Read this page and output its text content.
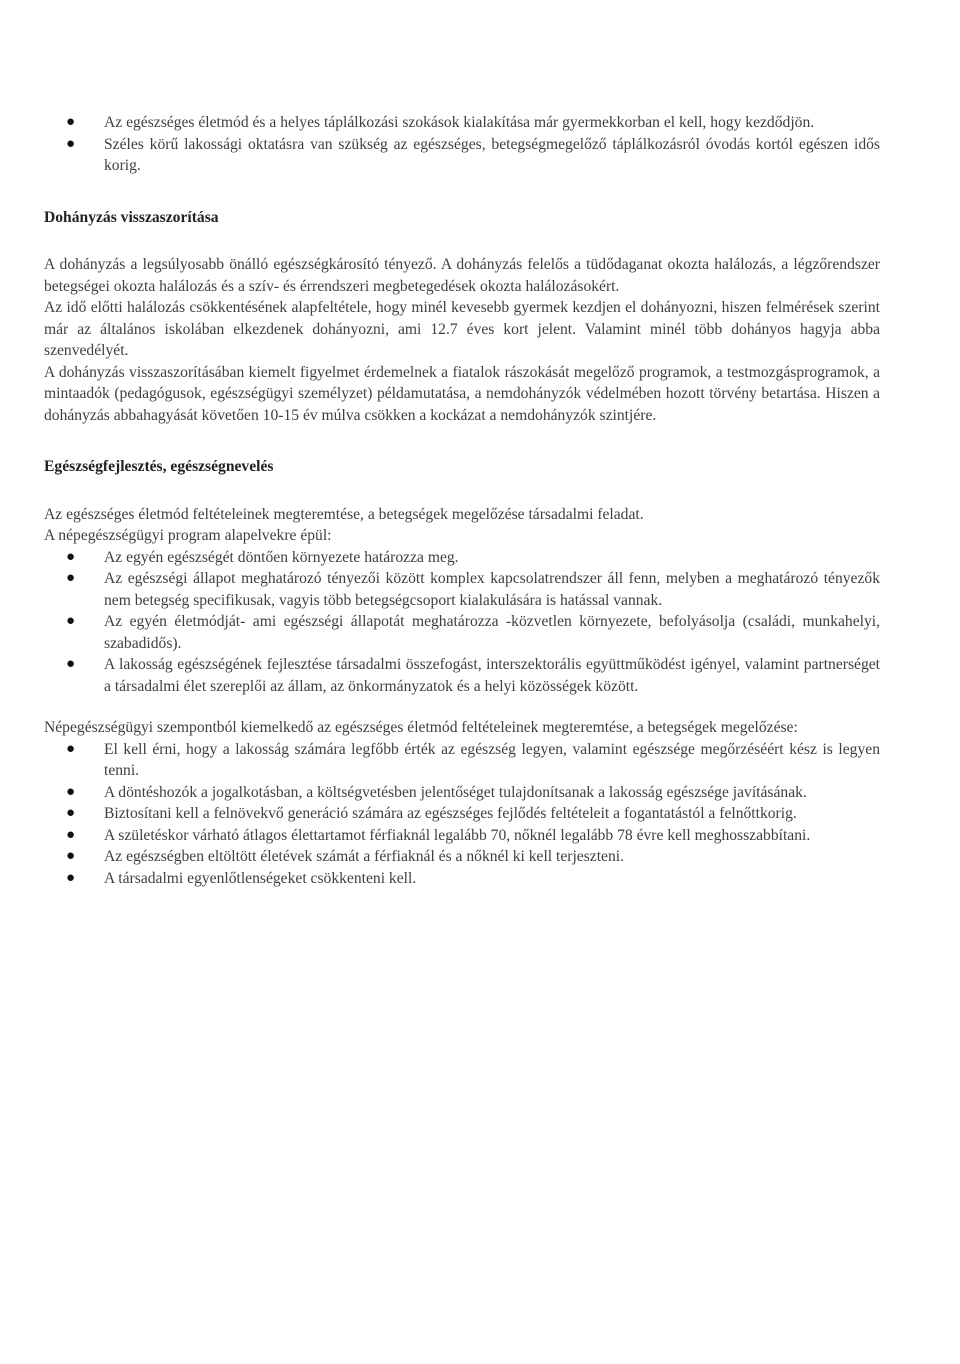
● Az egészséges életmód és a helyes táplálkozási szokások kialakítása már gyermekkorban el kell, hogy kezdődjön.
● Széles körű lakossági oktatásra van szükség az egészséges, betegségmegelőző táplálkozásról óvodás kortól egészen idős korig.

Dohányzás visszaszorítása

A dohányzás a legsúlyosabb önálló egészségkárosító tényező. A dohányzás felelős a tüdődaganat okozta halálozás, a légzőrendszer betegségei okozta halálozás és a szív- és érrendszeri megbetegedések okozta halálozásokért.

Az idő előtti halálozás csökkentésének alapfeltétele, hogy minél kevesebb gyermek kezdjen el dohányozni, hiszen felmérések szerint már az általános iskolában elkezdenek dohányozni, ami 12.7 éves kort jelent. Valamint minél több dohányos hagyja abba szenvedélyét.

A dohányzás visszaszorításában kiemelt figyelmet érdemelnek a fiatalok rászokását megelőző programok, a testmozgásprogramok, a mintaadók (pedagógusok, egészségügyi személyzet) példamutatása, a nemdohányzók védelmében hozott törvény betartása. Hiszen a dohányzás abbahagyását követően 10-15 év múlva csökken a kockázat a nemdohányzók szintjére.

Egészségfejlesztés, egészségnevelés

Az egészséges életmód feltételeinek megteremtése, a betegségek megelőzése társadalmi feladat.

A népegészségügyi program alapelvekre épül:

● Az egyén egészségét döntően környezete határozza meg.
● Az egészségi állapot meghatározó tényezői között komplex kapcsolatrendszer áll fenn, melyben a meghatározó tényezők nem betegség specifikusak, vagyis több betegségcsoport kialakulására is hatással vannak.
● Az egyén életmódját- ami egészségi állapotát meghatározza -közvetlen környezete, befolyásolja (családi, munkahelyi, szabadidős).
● A lakosság egészségének fejlesztése társadalmi összefogást, interszektorális együttműködést igényel, valamint partnerséget a társadalmi élet szereplői az állam, az önkormányzatok és a helyi közösségek között.

Népegészségügyi szempontból kiemelkedő az egészséges életmód feltételeinek megteremtése, a betegségek megelőzése:

● El kell érni, hogy a lakosság számára legfőbb érték az egészség legyen, valamint egészsége megőrzéséért kész is legyen tenni.
● A döntéshozók a jogalkotásban, a költségvetésben jelentőséget tulajdonítsanak a lakosság egészsége javításának.
● Biztosítani kell a felnövekvő generáció számára az egészséges fejlődés feltételeit a fogantatástól a felnőttkorig.
● A születéskor várható átlagos élettartamot férfiaknál legalább 70, nőknél legalább 78 évre kell meghosszabbítani.
● Az egészségben eltöltött életévek számát a férfiaknál és a nőknél ki kell terjeszteni.
● A társadalmi egyenlőtlenségeket csökkenteni kell.
